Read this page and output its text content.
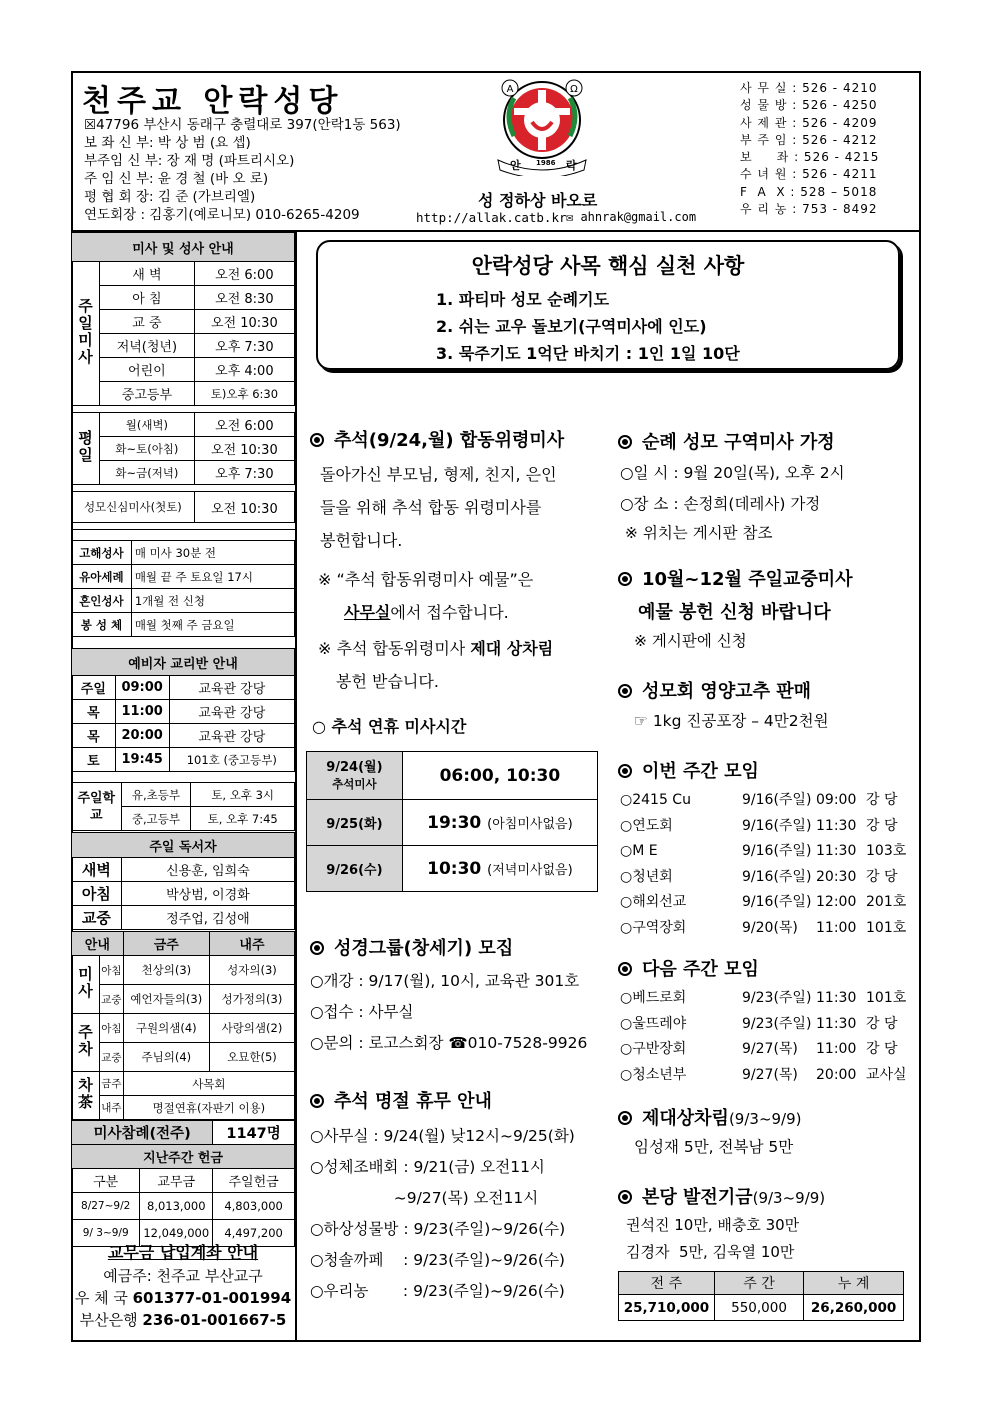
천주교 안락성당
☒47796 부산시 동래구 충렬대로 397(안락1동 563)
보 좌 신 부: 박 상 범 (요 셉)
부주임 신 부: 장 재 명 (파트리시오)
주 임 신 부: 윤 경 철 (바 오 로)
평 협 회 장: 김 준 (가브리엘)
연도회장 : 김홍기(예로니모) 010-6265-4209
A	Ω
안 1986 락
성 정하상 바오로
http://allak.catb.kr ✉ ahnrak@gmail.com
사 무 실 : 526 - 4210
성 물 방 : 526 - 4250
사 제 관 : 526 - 4209
부 주 임 : 526 - 4212
보     좌 : 526 - 4215
수 녀 원 : 526 - 4211
F  A  X : 528 – 5018
우 리 농 : 753 - 8492
미사 및 성사 안내		
주일미사	새 벽	오전 6:00
	아 침	오전 8:30
	교 중	오전 10:30
	저녁(청년)	오후 7:30
	어린이	오후 4:00
	중고등부	토)오후 6:30

평일	월(새벽)	오전 6:00
	화~토(아침)	오전 10:30
	화~금(저녁)	오후 7:30

성모신심미사(첫토)		오전 10:30

고해성사	매 미사 30분 전
유아세례	매월 끝 주 토요일 17시
혼인성사	1개월 전 신청
봉 성 체	매월 첫째 주 금요일
예비자 교리반 안내		
주일	09:00	교육관 강당
목	11:00	교육관 강당
목	20:00	교육관 강당
토	19:45	101호 (중고등부)
주일학교	유,초등부	토, 오후 3시
	중,고등부	토, 오후 7:45
주일 독서자	
새벽	신용훈, 임희숙
아침	박상범, 이경화
교중	정주업, 김성애
안내		금주	내주
미사	아침	천상의(3)	성자의(3)
	교중	예언자들의(3)	성가정의(3)
주차	아침	구원의샘(4)	사랑의샘(2)
	교중	주님의(4)	오묘한(5)
차茶	금주	사목회	
	내주	명절연휴(자판기 이용)	
미사참례(전주)		1147명
지난주간 헌금		
구분	교무금	주일헌금
8/27~9/2	8,013,000	4,803,000
9/ 3~9/9	12,049,000	4,497,200
교무금 납입계좌 안내
예금주: 천주교 부산교구
우 체 국 601377-01-001994
부산은행 236-01-001667-5
안락성당 사목 핵심 실천 사항
1. 파티마 성모 순례기도
2. 쉬는 교우 돌보기(구역미사에 인도)
3. 묵주기도 1억단 바치기 : 1인 1일 10단
추석(9/24,월) 합동위령미사
돌아가신 부모님, 형제, 친지, 은인
들을 위해 추석 합동 위령미사를
봉헌합니다.
※ “추석 합동위령미사 예물”은
사무실에서 접수합니다.
※ 추석 합동위령미사 제대 상차림
봉헌 받습니다.
○ 추석 연휴 미사시간
9/24(월)
추석미사	06:00, 10:30

9/25(화)	19:30 (아침미사없음)

9/26(수)	10:30 (저녁미사없음)
성경그룹(창세기) 모집
○개강 : 9/17(월), 10시, 교육관 301호
○접수 : 사무실
○문의 : 로고스회장 ☎010-7528-9926
추석 명절 휴무 안내
○사무실 : 9/24(월) 낮12시~9/25(화)
○성체조배회 : 9/21(금) 오전11시
~9/27(목) 오전11시
○하상성물방 : 9/23(주일)~9/26(수)
○청솔까페    : 9/23(주일)~9/26(수)
○우리농       : 9/23(주일)~9/26(수)
순례 성모 구역미사 가정
○일 시 : 9월 20일(목), 오후 2시
○장 소 : 손정희(데레사) 가정
※ 위치는 게시판 참조
10월~12월 주일교중미사
예물 봉헌 신청 바랍니다
※ 게시판에 신청
성모회 영양고추 판매
☞ 1kg 진공포장 – 4만2천원
이번 주간 모임
○2415 Cu	9/16(주일) 09:00 강 당
○연도회	9/16(주일) 11:30 강 당
○M E	9/16(주일) 11:30 103호
○청년회	9/16(주일) 20:30 강 당
○해외선교	9/16(주일) 12:00 201호
○구역장회	9/20(목) 11:00 101호
다음 주간 모임
○베드로회	9/23(주일) 11:30 101호
○울뜨레야	9/23(주일) 11:30 강 당
○구반장회	9/27(목) 11:00 강 당
○청소년부	9/27(목) 20:00 교사실
제대상차림(9/3~9/9)
임성재 5만, 전복남 5만
본당 발전기금(9/3~9/9)
권석진 10만, 배충호 30만
김경자  5만, 김욱열 10만
전 주	주 간	누 계
25,710,000	550,000	26,260,000
